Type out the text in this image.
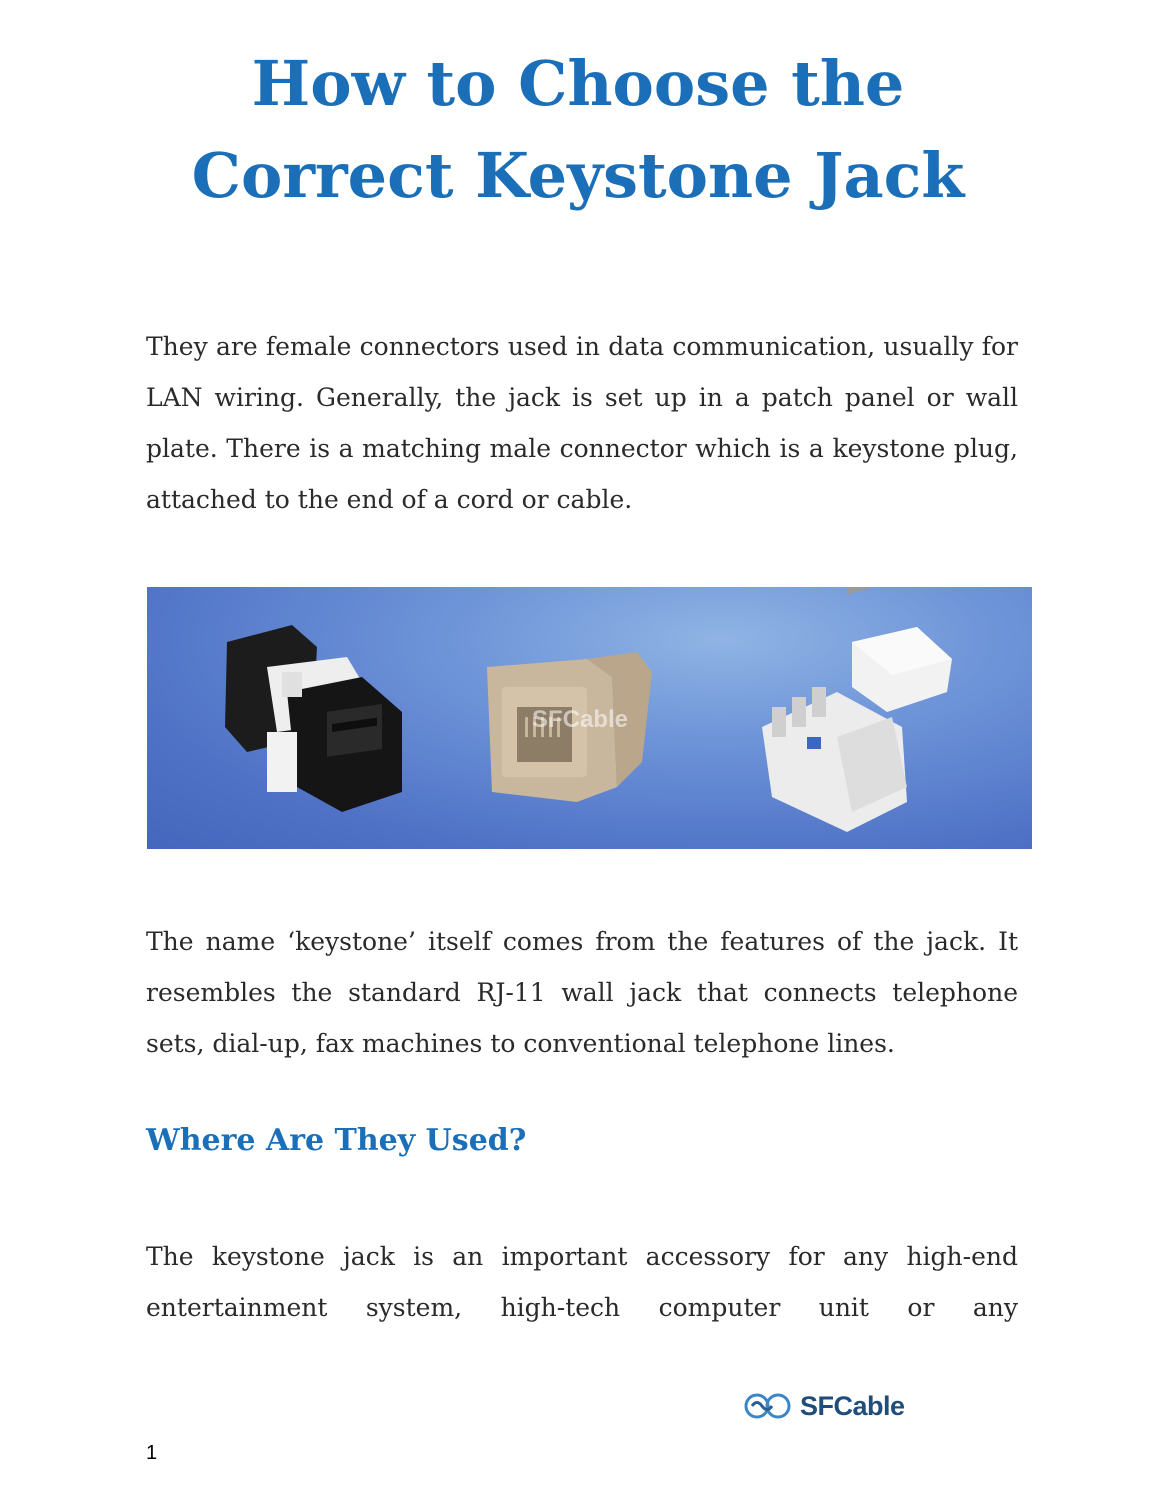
How to Choose the
Correct Keystone Jack

They are female connectors used in data communication, usually for LAN wiring. Generally, the jack is set up in a patch panel or wall plate. There is a matching male connector which is a keystone plug, attached to the end of a cord or cable.

SFCable

The name ‘keystone’ itself comes from the features of the jack. It resembles the standard RJ-11 wall jack that connects telephone sets, dial-up, fax machines to conventional telephone lines.

Where Are They Used?

The keystone jack is an important accessory for any high-end entertainment system, high-tech computer unit or any

SFCable
1
